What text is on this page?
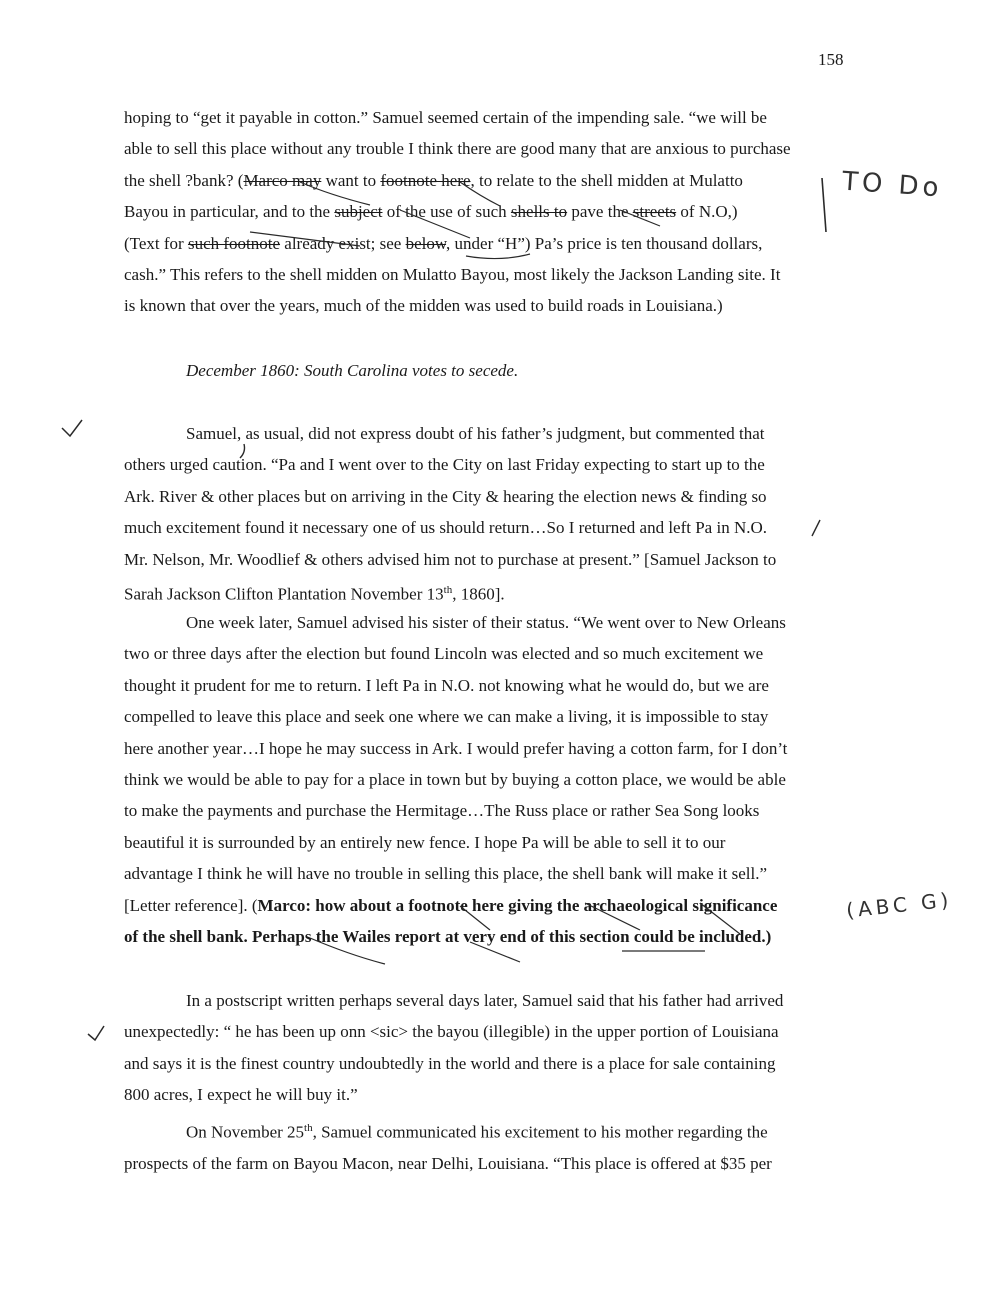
158
hoping to “get it payable in cotton.” Samuel seemed certain of the impending sale. “we will be
able to sell this place without any trouble I think there are good many that are anxious to purchase
the shell ?bank? (Marco may want to footnote here, to relate to the shell midden at Mulatto
Bayou in particular, and to the subject of the use of such shells to pave the streets of N.O,)
(Text for such footnote already exist; see below, under “H”) Pa’s price is ten thousand dollars,
cash.” This refers to the shell midden on Mulatto Bayou, most likely the Jackson Landing site. It
is known that over the years, much of the midden was used to build roads in Louisiana.)
December 1860: South Carolina votes to secede.
Samuel, as usual, did not express doubt of his father’s judgment, but commented that
others urged caution. “Pa and I went over to the City on last Friday expecting to start up to the
Ark. River & other places but on arriving in the City & hearing the election news & finding so
much excitement found it necessary one of us should return…So I returned and left Pa in N.O.
Mr. Nelson, Mr. Woodlief & others advised him not to purchase at present.” [Samuel Jackson to
Sarah Jackson Clifton Plantation November 13th, 1860].
One week later, Samuel advised his sister of their status. “We went over to New Orleans
two or three days after the election but found Lincoln was elected and so much excitement we
thought it prudent for me to return. I left Pa in N.O. not knowing what he would do, but we are
compelled to leave this place and seek one where we can make a living, it is impossible to stay
here another year…I hope he may success in Ark. I would prefer having a cotton farm, for I don’t
think we would be able to pay for a place in town but by buying a cotton place, we would be able
to make the payments and purchase the Hermitage…The Russ place or rather Sea Song looks
beautiful it is surrounded by an entirely new fence. I hope Pa will be able to sell it to our
advantage I think he will have no trouble in selling this place, the shell bank will make it sell.”
[Letter reference]. (Marco: how about a footnote here giving the archaeological significance
of the shell bank. Perhaps the Wailes report at very end of this section could be included.)
In a postscript written perhaps several days later, Samuel said that his father had arrived
unexpectedly: “ he has been up onn <sic> the bayou (illegible) in the upper portion of Louisiana
and says it is the finest country undoubtedly in the world and there is a place for sale containing
800 acres, I expect he will buy it.”
On November 25th, Samuel communicated his excitement to his mother regarding the
prospects of the farm on Bayou Macon, near Delhi, Louisiana. “This place is offered at $35 per
TO Do
(ABC G)
